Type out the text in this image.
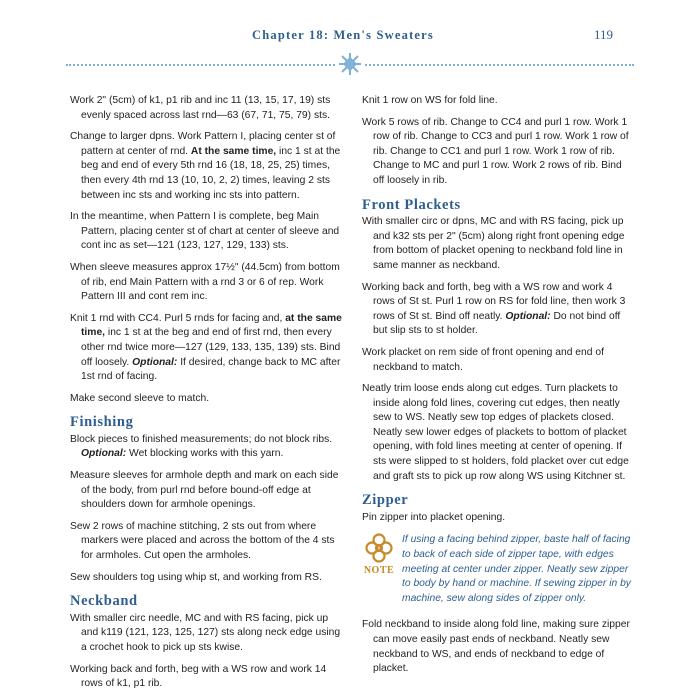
Chapter 18: Men's Sweaters	119

Work 2" (5cm) of k1, p1 rib and inc 11 (13, 15, 17, 19) sts evenly spaced across last rnd—63 (67, 71, 75, 79) sts.

Change to larger dpns. Work Pattern I, placing center st of pattern at center of rnd. At the same time, inc 1 st at the beg and end of every 5th rnd 16 (18, 18, 25, 25) times, then every 4th rnd 13 (10, 10, 2, 2) times, leaving 2 sts between inc sts and working inc sts into pattern.

In the meantime, when Pattern I is complete, beg Main Pattern, placing center st of chart at center of sleeve and cont inc as set—121 (123, 127, 129, 133) sts.

When sleeve measures approx 17½" (44.5cm) from bottom of rib, end Main Pattern with a rnd 3 or 6 of rep. Work Pattern III and cont rem inc.

Knit 1 rnd with CC4. Purl 5 rnds for facing and, at the same time, inc 1 st at the beg and end of first rnd, then every other rnd twice more—127 (129, 133, 135, 139) sts. Bind off loosely. Optional: If desired, change back to MC after 1st rnd of facing.

Make second sleeve to match.

Finishing

Block pieces to finished measurements; do not block ribs.
Optional: Wet blocking works with this yarn.

Measure sleeves for armhole depth and mark on each side of the body, from purl rnd before bound-off edge at shoulders down for armhole openings.

Sew 2 rows of machine stitching, 2 sts out from where markers were placed and across the bottom of the 4 sts for armholes. Cut open the armholes.

Sew shoulders tog using whip st, and working from RS.

Neckband

With smaller circ needle, MC and with RS facing, pick up and k119 (121, 123, 125, 127) sts along neck edge using a crochet hook to pick up sts kwise.

Working back and forth, beg with a WS row and work 14 rows of k1, p1 rib.

Knit 1 row on WS for fold line.

Work 5 rows of rib. Change to CC4 and purl 1 row. Work 1 row of rib. Change to CC3 and purl 1 row. Work 1 row of rib. Change to CC1 and purl 1 row. Work 1 row of rib. Change to MC and purl 1 row. Work 2 rows of rib. Bind off loosely in rib.

Front Plackets

With smaller circ or dpns, MC and with RS facing, pick up and k32 sts per 2" (5cm) along right front opening edge from bottom of placket opening to neckband fold line in same manner as neckband.

Working back and forth, beg with a WS row and work 4 rows of St st. Purl 1 row on RS for fold line, then work 3 rows of St st. Bind off neatly. Optional: Do not bind off but slip sts to st holder.

Work placket on rem side of front opening and end of neckband to match.

Neatly trim loose ends along cut edges. Turn plackets to inside along fold lines, covering cut edges, then neatly sew to WS. Neatly sew top edges of plackets closed. Neatly sew lower edges of plackets to bottom of placket opening, with fold lines meeting at center of opening. If sts were slipped to st holders, fold placket over cut edge and graft sts to pick up row along WS using Kitchner st.

Zipper

Pin zipper into placket opening.

NOTE
If using a facing behind zipper, baste half of facing to back of each side of zipper tape, with edges meeting at center under zipper. Neatly sew zipper to body by hand or machine. If sewing zipper in by machine, sew along sides of zipper only.

Fold neckband to inside along fold line, making sure zipper can move easily past ends of neckband. Neatly sew neckband to WS, and ends of neckband to edge of placket.
